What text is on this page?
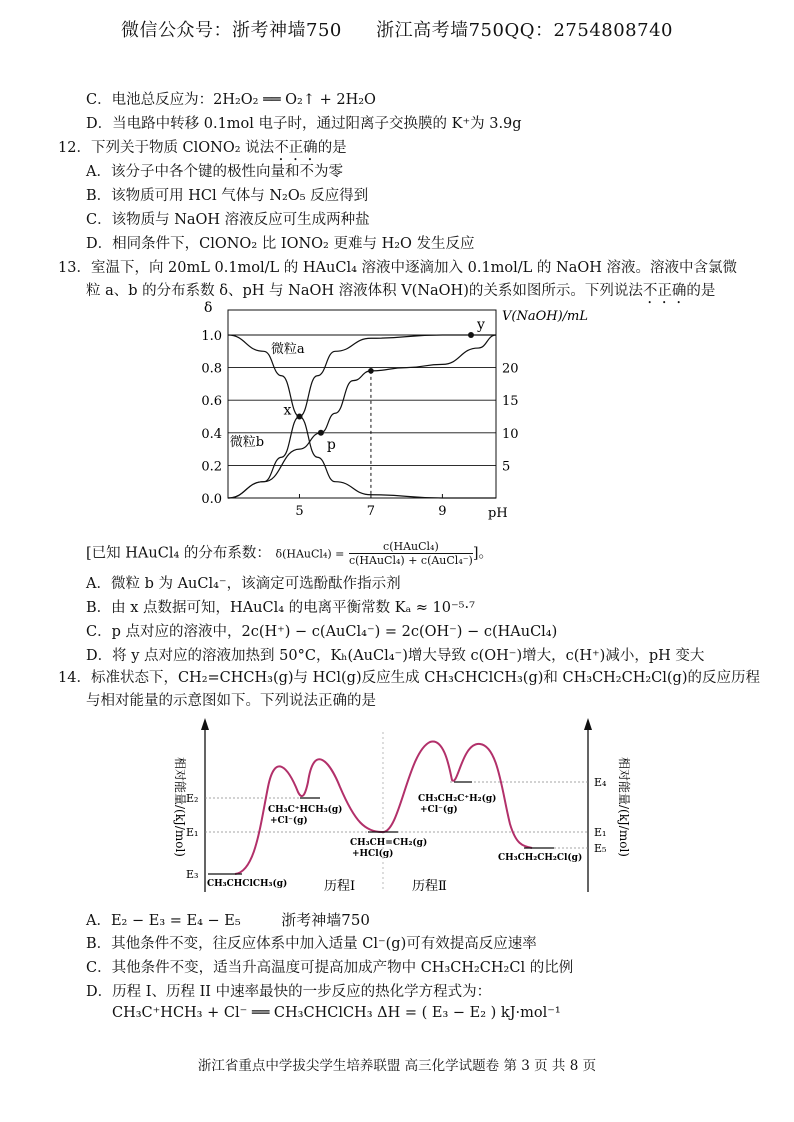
微信公众号：浙考神墙750 浙江高考墙750QQ：2754808740
C．电池总反应为：2H₂O₂ ══ O₂↑ + 2H₂O
D．当电路中转移 0.1mol 电子时，通过阳离子交换膜的 K⁺为 3.9g
12．下列关于物质 ClONO₂ 说法不正确的是
A．该分子中各个键的极性向量和不为零
B．该物质可用 HCl 气体与 N₂O₅ 反应得到
C．该物质与 NaOH 溶液反应可生成两种盐
D．相同条件下，ClONO₂ 比 IONO₂ 更难与 H₂O 发生反应
13．室温下，向 20mL 0.1mol/L 的 HAuCl₄ 溶液中逐滴加入 0.1mol/L 的 NaOH 溶液。溶液中含氯微
粒 a、b 的分布系数 δ、pH 与 NaOH 溶液体积 V(NaOH)的关系如图所示。下列说法不正确的是
1.0
0.8
0.6
0.4
0.2
0.0
20
15
10
5
5	7	9
δ
pH
V(NaOH)/mL
微粒a
微粒b
x
p
y
[已知 HAuCl₄ 的分布系数： δ(HAuCl₄) = $\frac{\text{c(HAuCl₄)}}{\text{c(HAuCl₄) + c(AuCl₄⁻)}}$ ]。
A．微粒 b 为 AuCl₄⁻，该滴定可选酚酞作指示剂
B．由 x 点数据可知，HAuCl₄ 的电离平衡常数 Kₐ ≈ 10⁻⁵·⁷
C．p 点对应的溶液中，2c(H⁺) − c(AuCl₄⁻) = 2c(OH⁻) − c(HAuCl₄)
D．将 y 点对应的溶液加热到 50°C，Kₕ(AuCl₄⁻)增大导致 c(OH⁻)增大，c(H⁺)减小，pH 变大
14．标准状态下，CH₂=CHCH₃(g)与 HCl(g)反应生成 CH₃CHClCH₃(g)和 CH₃CH₂CH₂Cl(g)的反应历程
与相对能量的示意图如下。下列说法正确的是
相对能量/(kJ/mol)	相对能量/(kJ/mol)
E₂
E₁
E₃
E₄
E₁
E₅
CH₃CHClCH₃(g)
CH₃C⁺HCH₃(g)
+Cl⁻(g)
CH₃CH=CH₂(g)
+HCl(g)
CH₃CH₂C⁺H₂(g)
+Cl⁻(g)
CH₃CH₂CH₂Cl(g)
历程Ⅰ	历程Ⅱ
A．E₂ − E₃ = E₄ − E₅	浙考神墙750
B．其他条件不变，往反应体系中加入适量 Cl⁻(g)可有效提高反应速率
C．其他条件不变，适当升高温度可提高加成产物中 CH₃CH₂CH₂Cl 的比例
D．历程 I、历程 II 中速率最快的一步反应的热化学方程式为：
CH₃C⁺HCH₃ + Cl⁻ ══ CH₃CHClCH₃ ΔH = ( E₃ − E₂ ) kJ·mol⁻¹
浙江省重点中学拔尖学生培养联盟 高三化学试题卷 第 3 页 共 8 页
